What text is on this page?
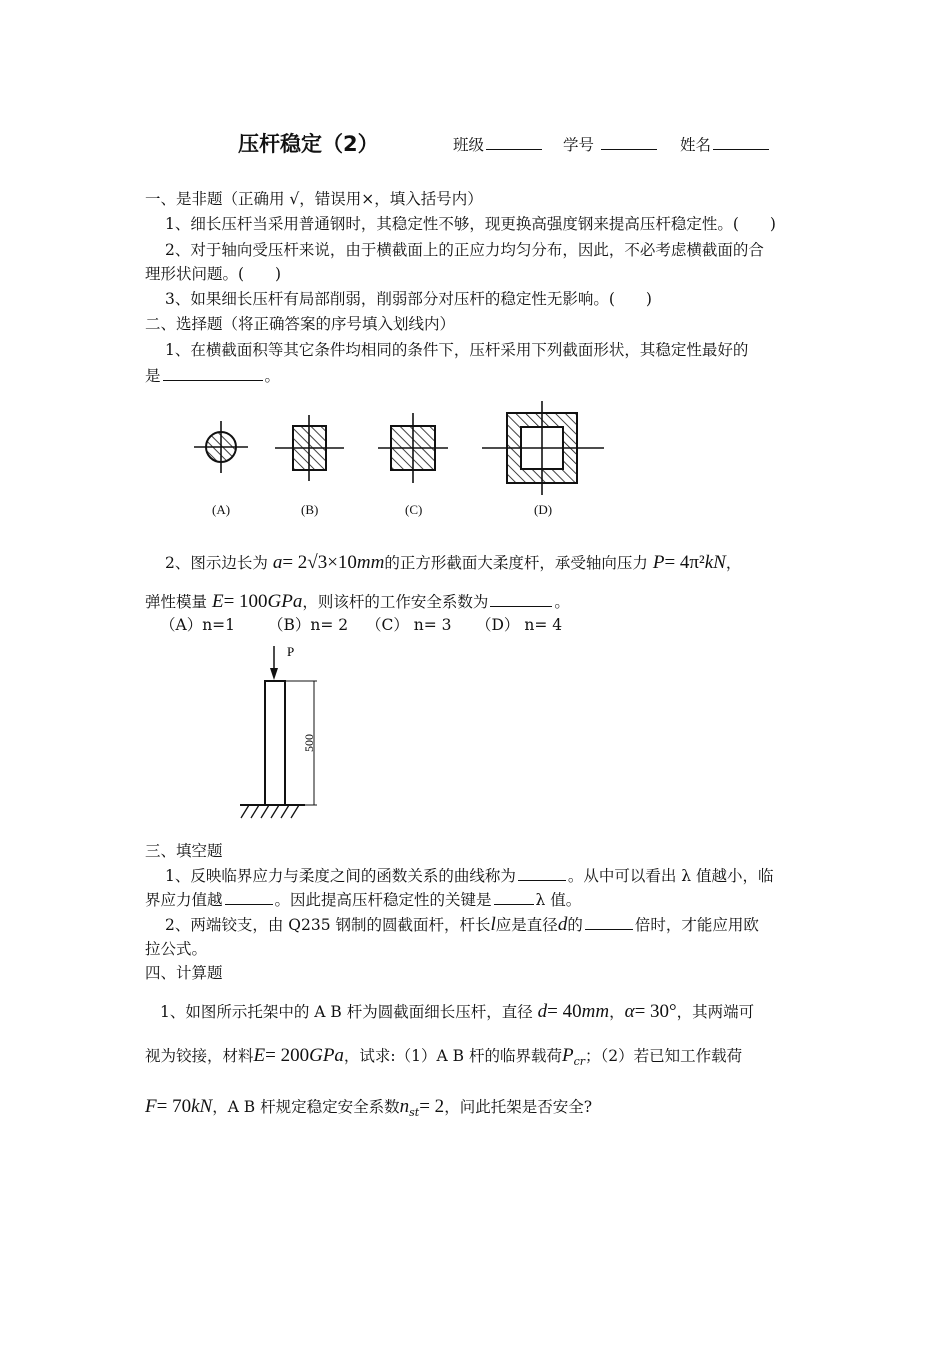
压杆稳定（2）	班级	学号	姓名
一、是非题（正确用 √，错误用×，填入括号内）
1、细长压杆当采用普通钢时，其稳定性不够，现更换高强度钢来提高压杆稳定性。(　　)
2、对于轴向受压杆来说，由于横截面上的正应力均匀分布，因此，不必考虑横截面的合
理形状问题。(　　)
3、如果细长压杆有局部削弱，削弱部分对压杆的稳定性无影响。(　　)
二、选择题（将正确答案的序号填入划线内）
1、在横截面积等其它条件均相同的条件下，压杆采用下列截面形状，其稳定性最好的
是	。
(A)	(B)	(C)	(D)
2、图示边长为 a= 2√3×10mm的正方形截面大柔度杆，承受轴向压力 P= 4π²kN，
弹性模量 E= 100GPa，则该杆的工作安全系数为	。
（A）n=1 （B）n= 2 （C） n= 3 （D） n= 4
P
500
三、填空题
1、反映临界应力与柔度之间的函数关系的曲线称为	。从中可以看出 λ 值越小，临
界应力值越	。因此提高压杆稳定性的关键是	λ 值。
2、两端铰支，由 Q235 钢制的圆截面杆，杆长l应是直径d的	倍时，才能应用欧
拉公式。
四、计算题
1、如图所示托架中的 A B 杆为圆截面细长压杆，直径 d= 40mm，α= 30°，其两端可
视为铰接，材料E= 200GPa，试求:（1）A B 杆的临界载荷$P_{cr}$；（2）若已知工作载荷
F= 70kN，A B 杆规定稳定安全系数$n_{st}= 2$，问此托架是否安全?
